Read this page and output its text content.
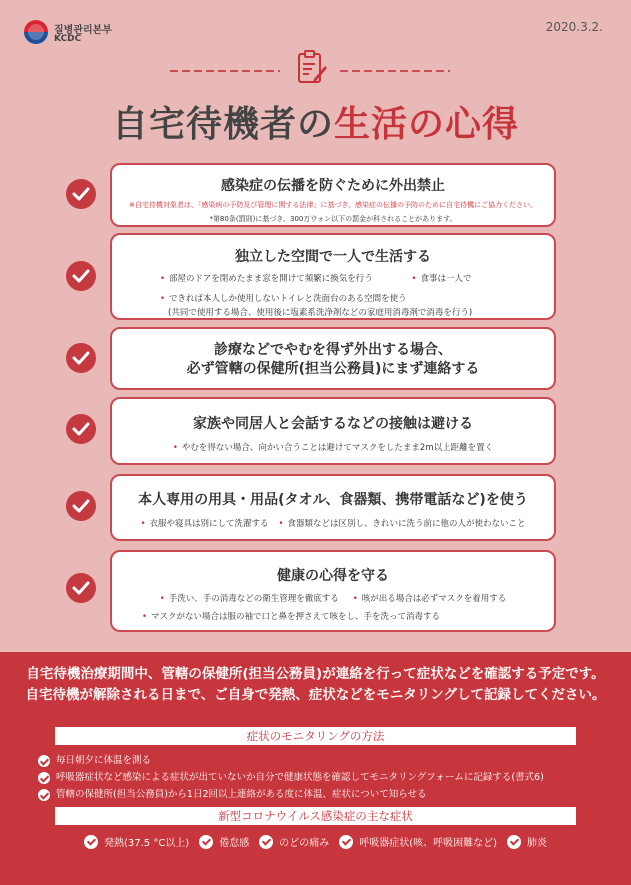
질병관리본부
KCDC
2020.3.2.
自宅待機者の生活の心得
感染症の伝播を防ぐために外出禁止
※自宅待機対象者は、「感染病の予防及び管理に関する法律」に基づき、感染症の伝播の予防のために自宅待機にご協力ください。
*第80条(罰則)に基づき、300万ウォン以下の罰金が科されることがあります。
独立した空間で一人で生活する
• 部屋のドアを閉めたまま窓を開けて頻繁に換気を行う	• 食事は一人で
• できれば本人しか使用しないトイレと洗面台のある空間を使う
(共同で使用する場合、使用後に塩素系洗浄剤などの家庭用消毒剤で消毒を行う)
診療などでやむを得ず外出する場合、
必ず管轄の保健所(担当公務員)にまず連絡する
家族や同居人と会話するなどの接触は避ける
• やむを得ない場合、向かい合うことは避けてマスクをしたまま2m以上距離を置く
本人専用の用具・用品(タオル、食器類、携帯電話など)を使う
• 衣服や寝具は別にして洗濯する • 食器類などは区別し、きれいに洗う前に他の人が使わないこと
健康の心得を守る
• 手洗い、手の消毒などの衛生管理を徹底する • 咳が出る場合は必ずマスクを着用する
• マスクがない場合は服の袖で口と鼻を押さえて咳をし、手を洗って消毒する
自宅待機治療期間中、管轄の保健所(担当公務員)が連絡を行って症状などを確認する予定です。
自宅待機が解除される日まで、ご自身で発熱、症状などをモニタリングして記録してください。
症状のモニタリングの方法
毎日朝夕に体温を測る
呼吸器症状など感染による症状が出ていないか自分で健康状態を確認してモニタリングフォームに記録する(書式6)
管轄の保健所(担当公務員)から1日2回以上連絡がある度に体温、症状について知らせる
新型コロナウイルス感染症の主な症状
発熱(37.5 °C以上)	倦怠感	のどの痛み	呼吸器症状(咳、呼吸困難など)	肺炎
